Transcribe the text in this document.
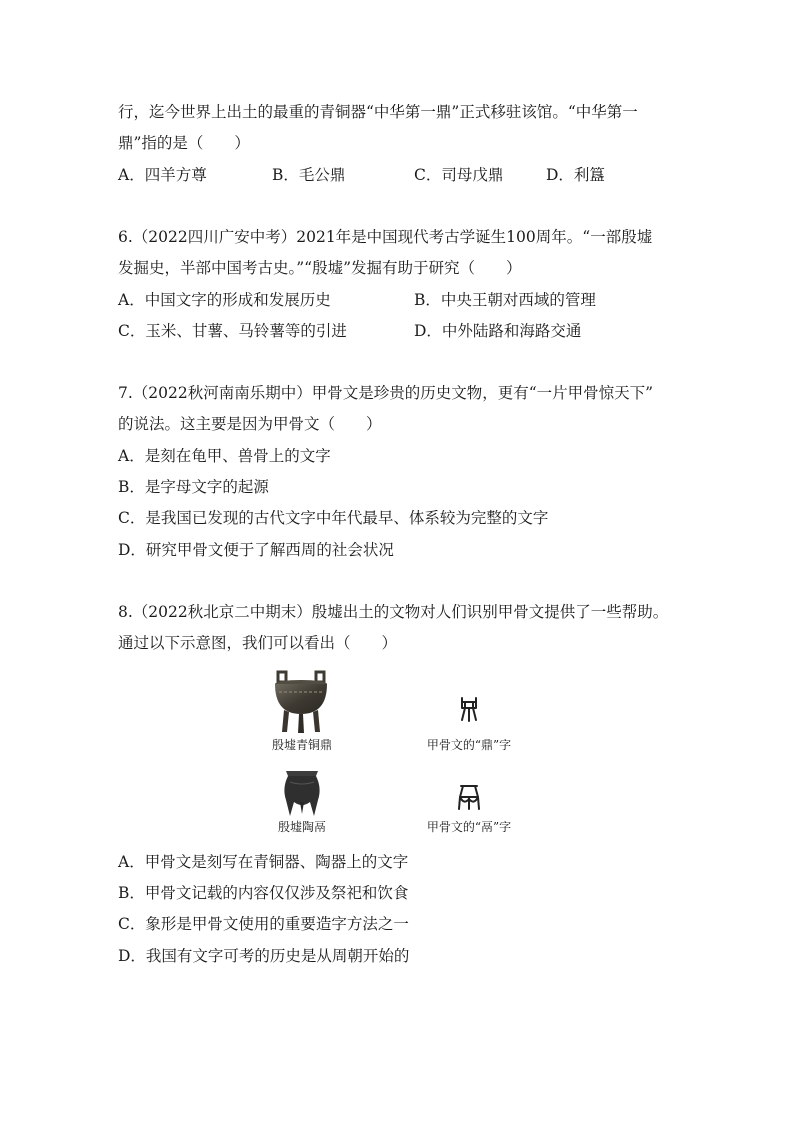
行，迄今世界上出土的最重的青铜器“中华第一鼎”正式移驻该馆。“中华第一
鼎”指的是（　　）
A．四羊方尊	B．毛公鼎	C．司母戊鼎	D．利簋
6.（2022四川广安中考）2021年是中国现代考古学诞生100周年。“一部殷墟
发掘史，半部中国考古史。”“殷墟”发掘有助于研究（　　）
A．中国文字的形成和发展历史	B．中央王朝对西域的管理
C．玉米、甘薯、马铃薯等的引进	D．中外陆路和海路交通
7.（2022秋河南南乐期中）甲骨文是珍贵的历史文物，更有“一片甲骨惊天下”
的说法。这主要是因为甲骨文（　　）
A．是刻在龟甲、兽骨上的文字
B．是字母文字的起源
C．是我国已发现的古代文字中年代最早、体系较为完整的文字
D．研究甲骨文便于了解西周的社会状况
8.（2022秋北京二中期末）殷墟出土的文物对人们识别甲骨文提供了一些帮助。
通过以下示意图，我们可以看出（　　）
殷墟青铜鼎	甲骨文的“鼎”字
殷墟陶鬲	甲骨文的“鬲”字
A．甲骨文是刻写在青铜器、陶器上的文字
B．甲骨文记载的内容仅仅涉及祭祀和饮食
C．象形是甲骨文使用的重要造字方法之一
D．我国有文字可考的历史是从周朝开始的
